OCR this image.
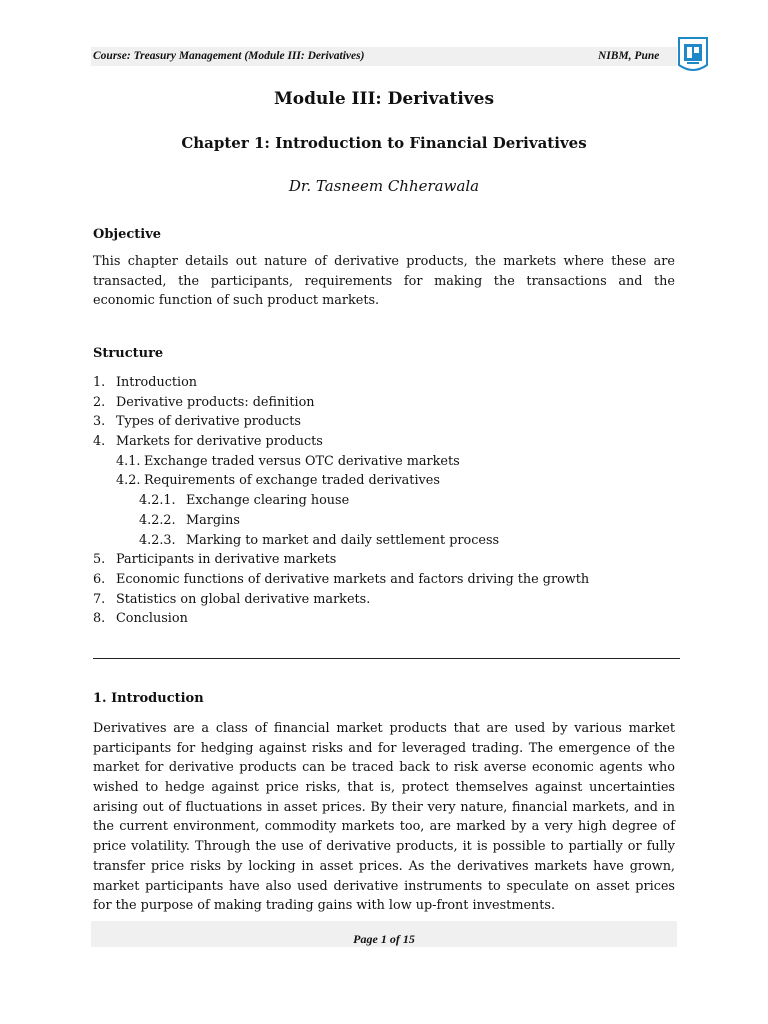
Course: Treasury Management (Module III: Derivatives)	NIBM, Pune
Module III: Derivatives
Chapter 1: Introduction to Financial Derivatives
Dr. Tasneem Chherawala
Objective
This chapter details out nature of derivative products, the markets where these are
transacted, the participants, requirements for making the transactions and the
economic function of such product markets.
Structure
1. Introduction
2. Derivative products: definition
3. Types of derivative products
4. Markets for derivative products
4.1. Exchange traded versus OTC derivative markets
4.2. Requirements of exchange traded derivatives
4.2.1. Exchange clearing house
4.2.2. Margins
4.2.3. Marking to market and daily settlement process
5. Participants in derivative markets
6. Economic functions of derivative markets and factors driving the growth
7. Statistics on global derivative markets.
8. Conclusion
1. Introduction
Derivatives are a class of financial market products that are used by various market
participants for hedging against risks and for leveraged trading. The emergence of the
market for derivative products can be traced back to risk averse economic agents who
wished to hedge against price risks, that is, protect themselves against uncertainties
arising out of fluctuations in asset prices. By their very nature, financial markets, and in
the current environment, commodity markets too, are marked by a very high degree of
price volatility. Through the use of derivative products, it is possible to partially or fully
transfer price risks by locking in asset prices. As the derivatives markets have grown,
market participants have also used derivative instruments to speculate on asset prices
for the purpose of making trading gains with low up-front investments.
Page 1 of 15
